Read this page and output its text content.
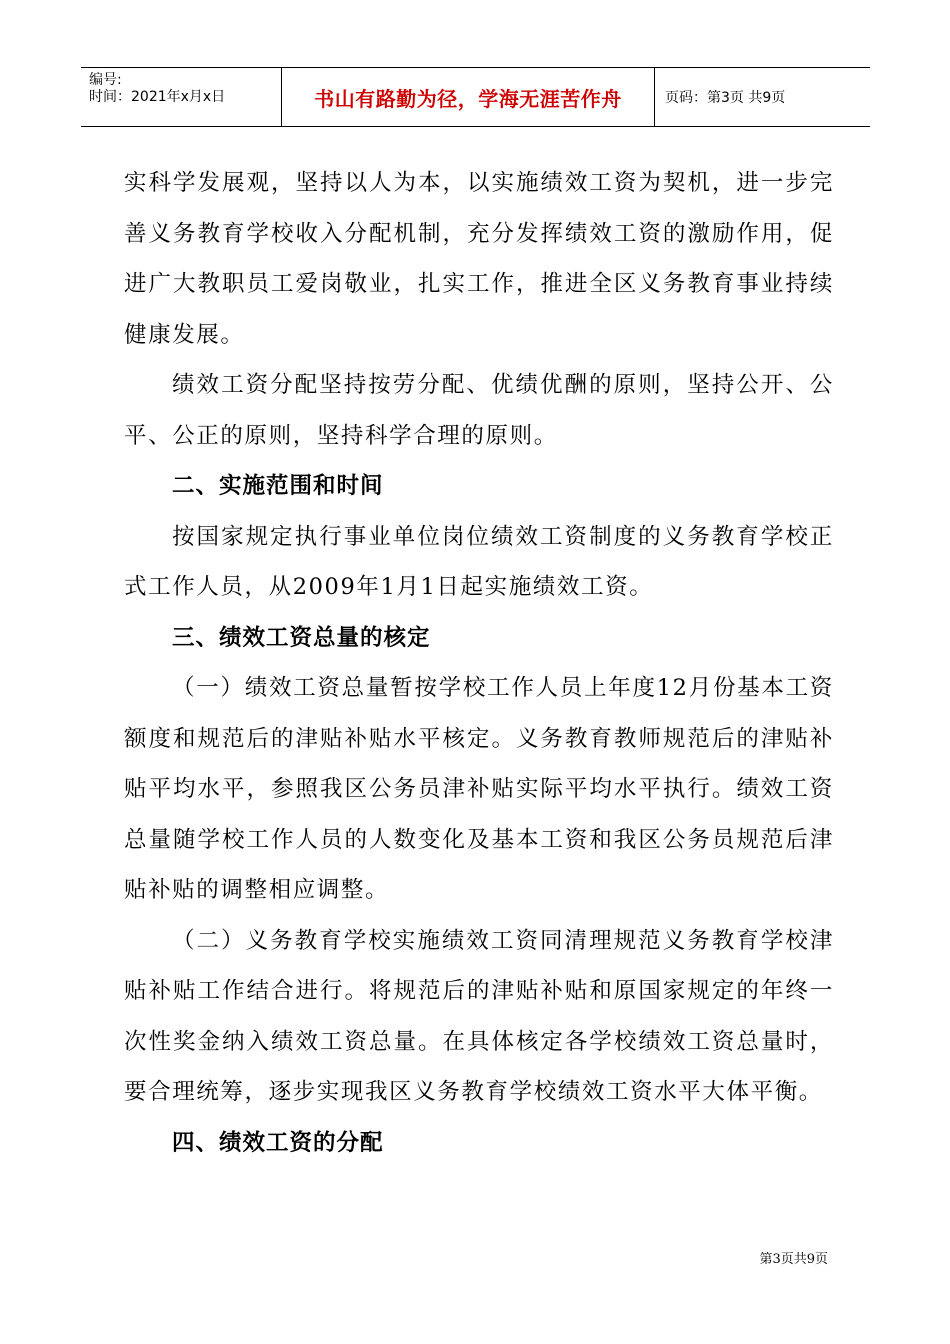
编号:
时间：2021年x月x日	书山有路勤为径，学海无涯苦作舟	页码：第3页 共9页

实科学发展观，坚持以人为本，以实施绩效工资为契机，进一步完善义务教育学校收入分配机制，充分发挥绩效工资的激励作用，促进广大教职员工爱岗敬业，扎实工作，推进全区义务教育事业持续健康发展。

绩效工资分配坚持按劳分配、优绩优酬的原则，坚持公开、公平、公正的原则，坚持科学合理的原则。

二、实施范围和时间

按国家规定执行事业单位岗位绩效工资制度的义务教育学校正式工作人员，从2009年1月1日起实施绩效工资。

三、绩效工资总量的核定

（一）绩效工资总量暂按学校工作人员上年度12月份基本工资额度和规范后的津贴补贴水平核定。义务教育教师规范后的津贴补贴平均水平，参照我区公务员津补贴实际平均水平执行。绩效工资总量随学校工作人员的人数变化及基本工资和我区公务员规范后津贴补贴的调整相应调整。

（二）义务教育学校实施绩效工资同清理规范义务教育学校津贴补贴工作结合进行。将规范后的津贴补贴和原国家规定的年终一次性奖金纳入绩效工资总量。在具体核定各学校绩效工资总量时，要合理统筹，逐步实现我区义务教育学校绩效工资水平大体平衡。

四、绩效工资的分配
第3页共9页
